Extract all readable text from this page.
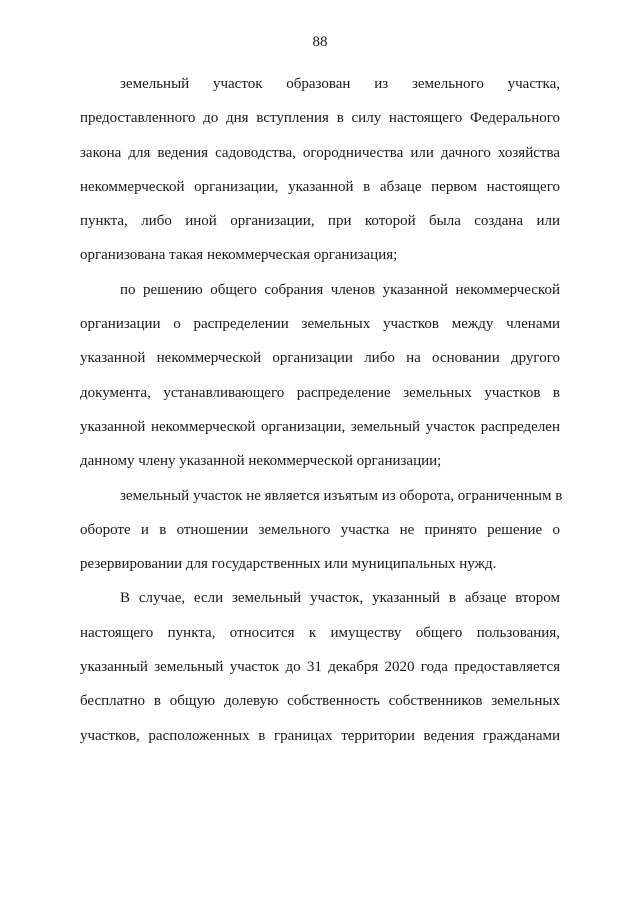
88
земельный участок образован из земельного участка,
предоставленного до дня вступления в силу настоящего Федерального
закона для ведения садоводства, огородничества или дачного хозяйства
некоммерческой организации, указанной в абзаце первом настоящего
пункта, либо иной организации, при которой была создана или
организована такая некоммерческая организация;
по решению общего собрания членов указанной некоммерческой
организации о распределении земельных участков между членами
указанной некоммерческой организации либо на основании другого
документа, устанавливающего распределение земельных участков в
указанной некоммерческой организации, земельный участок распределен
данному члену указанной некоммерческой организации;
земельный участок не является изъятым из оборота, ограниченным в
обороте и в отношении земельного участка не принято решение о
резервировании для государственных или муниципальных нужд.
В случае, если земельный участок, указанный в абзаце втором
настоящего пункта, относится к имуществу общего пользования,
указанный земельный участок до 31 декабря 2020 года предоставляется
бесплатно в общую долевую собственность собственников земельных
участков, расположенных в границах территории ведения гражданами
